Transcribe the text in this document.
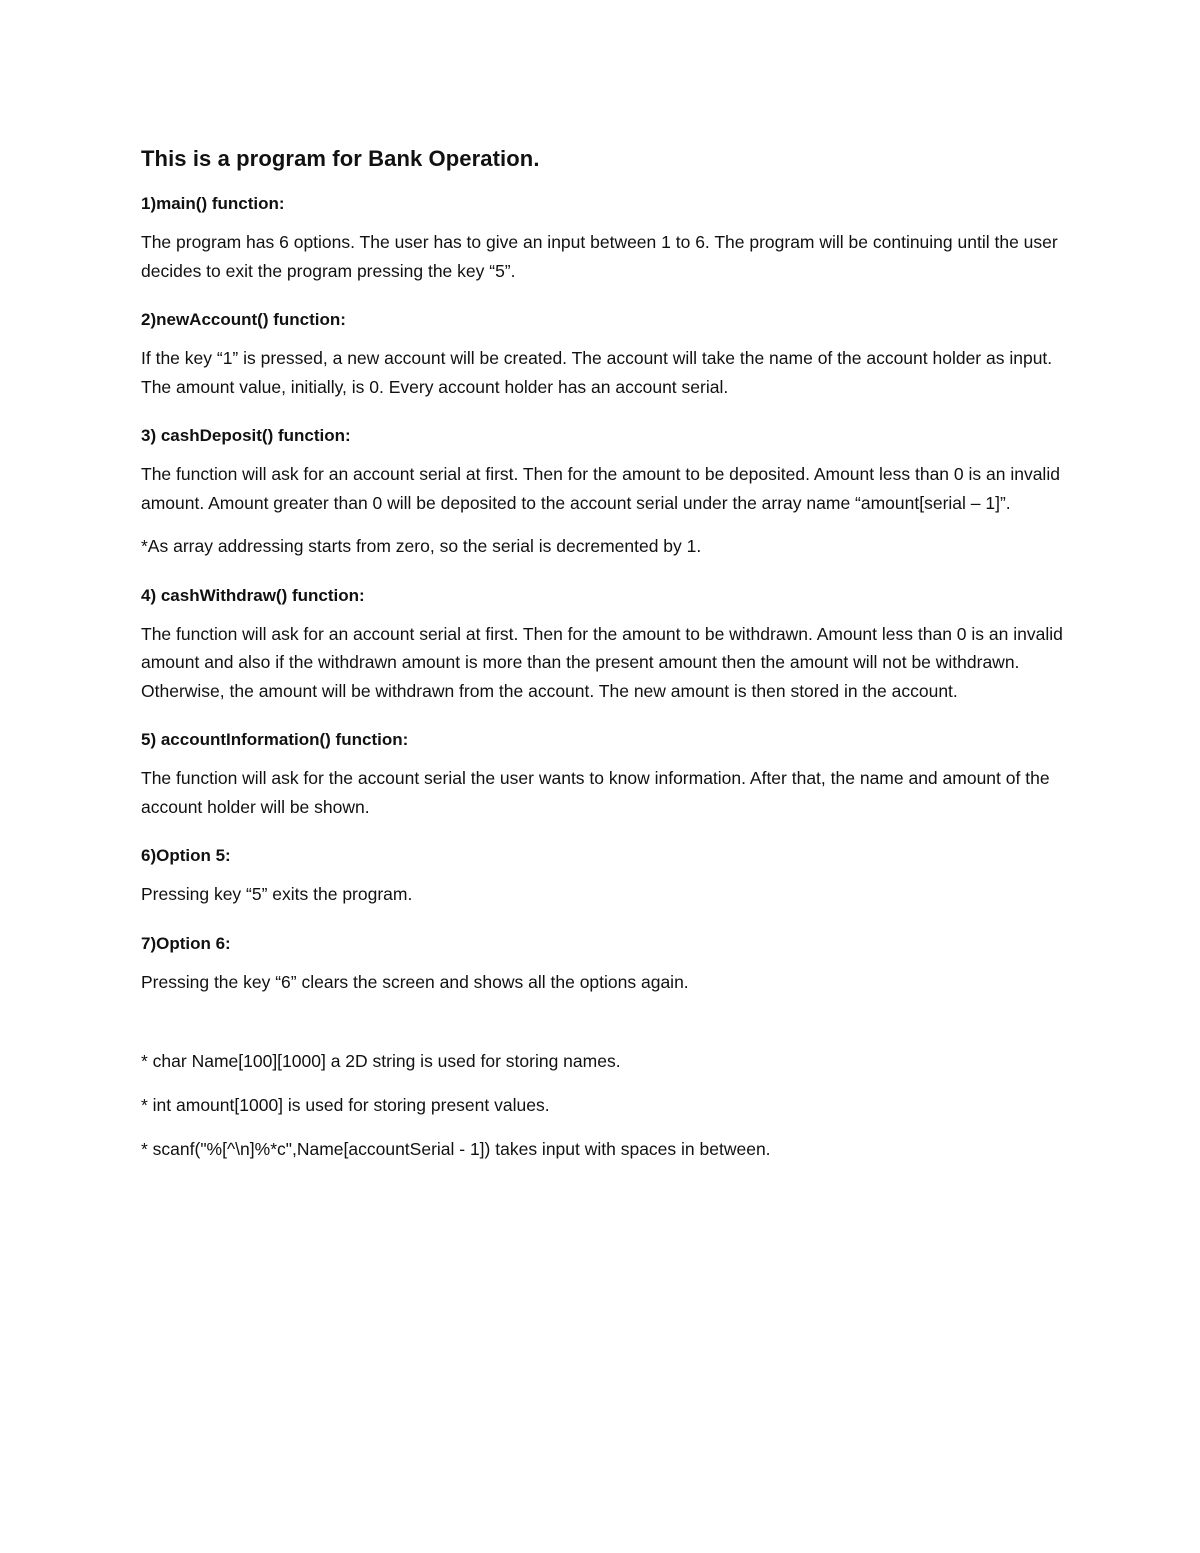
This is a program for Bank Operation.

1)main() function:

The program has 6 options. The user has to give an input between 1 to 6. The program will be continuing until the user decides to exit the program pressing the key “5”.

2)newAccount() function:

If the key “1” is pressed, a new account will be created. The account will take the name of the account holder as input. The amount value, initially, is 0. Every account holder has an account serial.

3) cashDeposit() function:

The function will ask for an account serial at first. Then for the amount to be deposited. Amount less than 0 is an invalid amount. Amount greater than 0 will be deposited to the account serial under the array name “amount[serial – 1]”.

*As array addressing starts from zero, so the serial is decremented by 1.

4) cashWithdraw() function:

The function will ask for an account serial at first. Then for the amount to be withdrawn. Amount less than 0 is an invalid amount and also if the withdrawn amount is more than the present amount then the amount will not be withdrawn. Otherwise, the amount will be withdrawn from the account. The new amount is then stored in the account.

5) accountInformation() function:

The function will ask for the account serial the user wants to know information. After that, the name and amount of the account holder will be shown.

6)Option 5:

Pressing key “5” exits the program.

7)Option 6:

Pressing the key “6” clears the screen and shows all the options again.

* char Name[100][1000] a 2D string is used for storing names.

* int amount[1000] is used for storing present values.

* scanf("%[^\n]%*c",Name[accountSerial - 1]) takes input with spaces in between.
